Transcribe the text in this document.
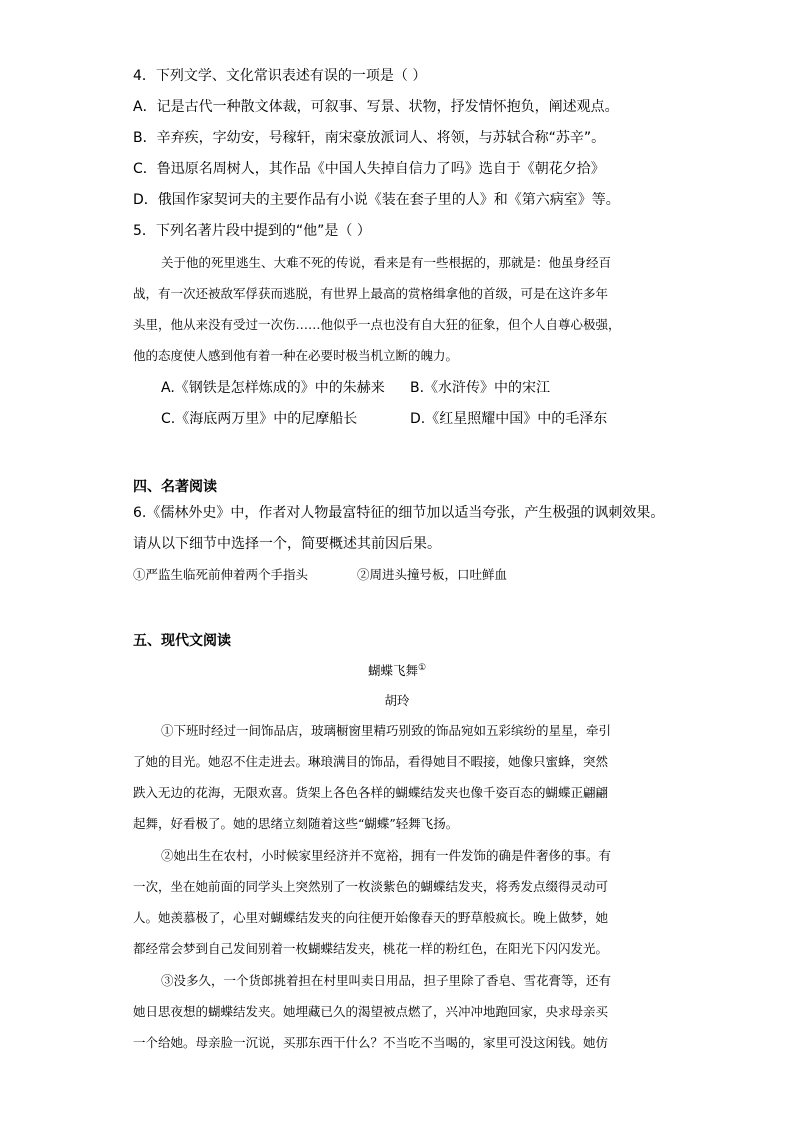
4．下列文学、文化常识表述有误的一项是（ ）
A．记是古代一种散文体裁，可叙事、写景、状物，抒发情怀抱负，阐述观点。
B．辛弃疾，字幼安，号稼轩，南宋豪放派词人、将领，与苏轼合称“苏辛”。
C．鲁迅原名周树人，其作品《中国人失掉自信力了吗》选自于《朝花夕拾》
D．俄国作家契诃夫的主要作品有小说《装在套子里的人》和《第六病室》等。
5．下列名著片段中提到的“他”是（ ）
关于他的死里逃生、大难不死的传说，看来是有一些根据的，那就是：他虽身经百
战，有一次还被敌军俘获而逃脱，有世界上最高的赏格缉拿他的首级，可是在这许多年
头里，他从来没有受过一次伤……他似乎一点也没有自大狂的征象，但个人自尊心极强，
他的态度使人感到他有着一种在必要时极当机立断的魄力。
A.《钢铁是怎样炼成的》中的朱赫来 B.《水浒传》中的宋江
C.《海底两万里》中的尼摩船长	D.《红星照耀中国》中的毛泽东
四、名著阅读
6.《儒林外史》中，作者对人物最富特征的细节加以适当夸张，产生极强的讽刺效果。
请从以下细节中选择一个，简要概述其前因后果。
①严监生临死前伸着两个手指头	②周进头撞号板，口吐鲜血
五、现代文阅读
蝴蝶飞舞①
胡玲
①下班时经过一间饰品店，玻璃橱窗里精巧别致的饰品宛如五彩缤纷的星星，牵引
了她的目光。她忍不住走进去。琳琅满目的饰品，看得她目不暇接，她像只蜜蜂，突然
跌入无边的花海，无限欢喜。货架上各色各样的蝴蝶结发夹也像千姿百态的蝴蝶正翩翩
起舞，好看极了。她的思绪立刻随着这些“蝴蝶”轻舞飞扬。
②她出生在农村，小时候家里经济并不宽裕，拥有一件发饰的确是件奢侈的事。有
一次，坐在她前面的同学头上突然别了一枚淡紫色的蝴蝶结发夹，将秀发点缀得灵动可
人。她羡慕极了，心里对蝴蝶结发夹的向往便开始像春天的野草般疯长。晚上做梦，她
都经常会梦到自己发间别着一枚蝴蝶结发夹，桃花一样的粉红色，在阳光下闪闪发光。
③没多久，一个货郎挑着担在村里叫卖日用品，担子里除了香皂、雪花膏等，还有
她日思夜想的蝴蝶结发夹。她埋藏已久的渴望被点燃了，兴冲冲地跑回家，央求母亲买
一个给她。母亲脸一沉说，买那东西干什么？不当吃不当喝的，家里可没这闲钱。她仿
